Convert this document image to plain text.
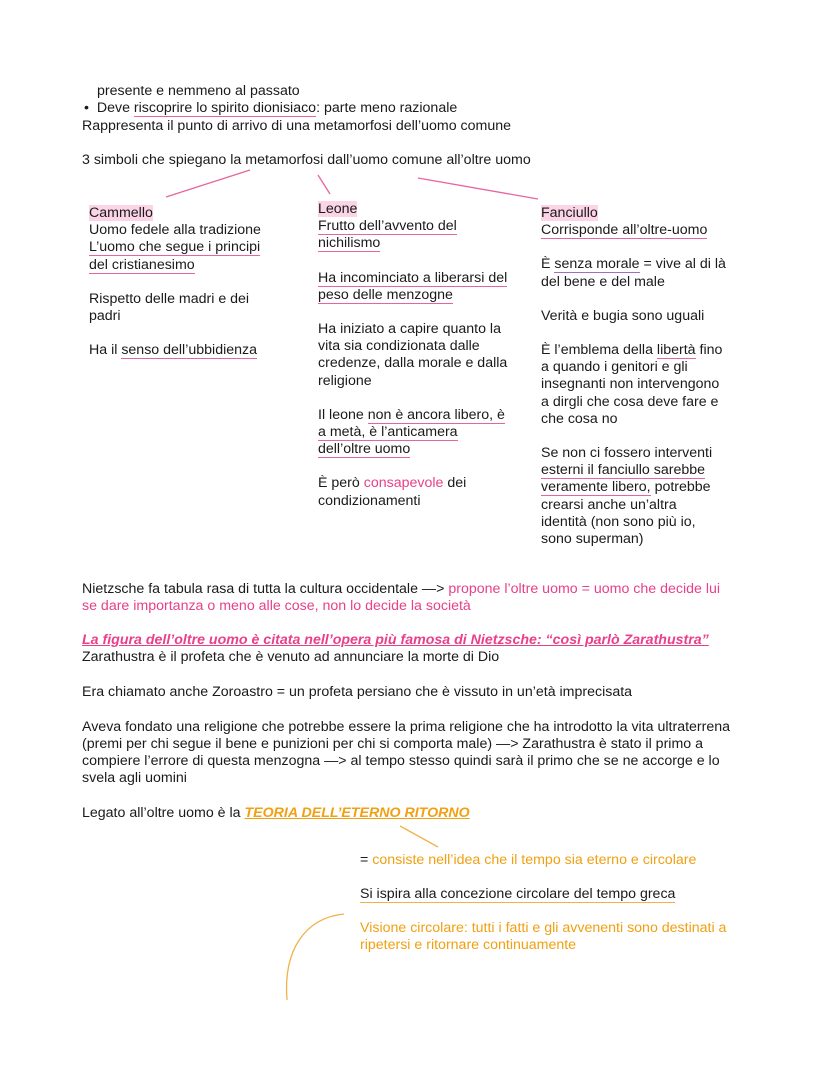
presente e nemmeno al passato
• Deve riscoprire lo spirito dionisiaco: parte meno razionale
Rappresenta il punto di arrivo di una metamorfosi dell’uomo comune
3 simboli che spiegano la metamorfosi dall’uomo comune all’oltre uomo
Cammello
Uomo fedele alla tradizione
L’uomo che segue i principi
del cristianesimo
Rispetto delle madri e dei
padri
Ha il senso dell’ubbidienza
Leone
Frutto dell’avvento del
nichilismo
Ha incominciato a liberarsi del
peso delle menzogne
Ha iniziato a capire quanto la
vita sia condizionata dalle
credenze, dalla morale e dalla
religione
Il leone non è ancora libero, è
a metà, è l’anticamera
dell’oltre uomo
È però consapevole dei
condizionamenti
Fanciullo
Corrisponde all’oltre-uomo
È senza morale = vive al di là
del bene e del male
Verità e bugia sono uguali
È l’emblema della libertà fino
a quando i genitori e gli
insegnanti non intervengono
a dirgli che cosa deve fare e
che cosa no
Se non ci fossero interventi
esterni il fanciullo sarebbe
veramente libero, potrebbe
crearsi anche un’altra
identità (non sono più io,
sono superman)
Nietzsche fa tabula rasa di tutta la cultura occidentale —> propone l’oltre uomo = uomo che decide lui
se dare importanza o meno alle cose, non lo decide la società
La figura dell’oltre uomo è citata nell’opera più famosa di Nietzsche: “così parlò Zarathustra”
Zarathustra è il profeta che è venuto ad annunciare la morte di Dio
Era chiamato anche Zoroastro = un profeta persiano che è vissuto in un’età imprecisata
Aveva fondato una religione che potrebbe essere la prima religione che ha introdotto la vita ultraterrena
(premi per chi segue il bene e punizioni per chi si comporta male) —> Zarathustra è stato il primo a
compiere l’errore di questa menzogna —> al tempo stesso quindi sarà il primo che se ne accorge e lo
svela agli uomini
Legato all’oltre uomo è la TEORIA DELL’ETERNO RITORNO
= consiste nell’idea che il tempo sia eterno e circolare
Si ispira alla concezione circolare del tempo greca
Visione circolare: tutti i fatti e gli avvenenti sono destinati a
ripetersi e ritornare continuamente
